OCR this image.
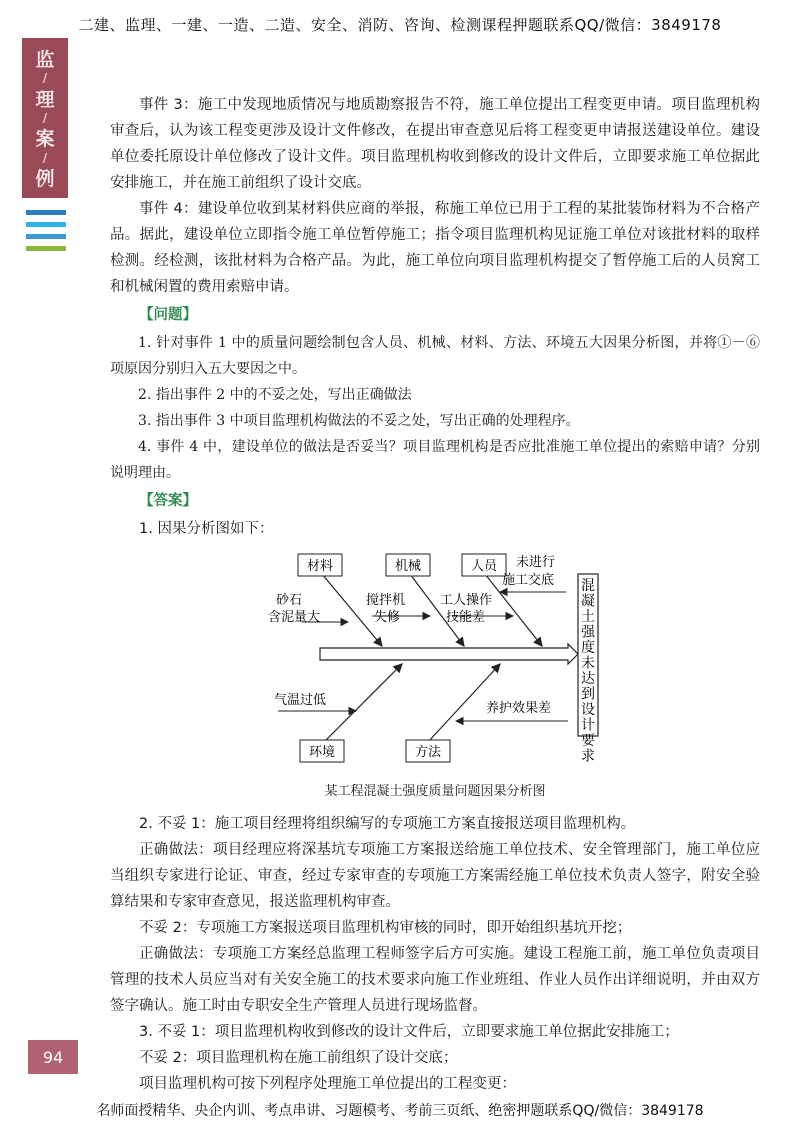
二建、监理、一建、一造、二造、安全、消防、咨询、检测课程押题联系QQ/微信：3849178
监
/
理
/
案
/
例

事件 3：施工中发现地质情况与地质勘察报告不符，施工单位提出工程变更申请。项目监理机构审查后，认为该工程变更涉及设计文件修改，在提出审查意见后将工程变更申请报送建设单位。建设单位委托原设计单位修改了设计文件。项目监理机构收到修改的设计文件后，立即要求施工单位据此安排施工，并在施工前组织了设计交底。

事件 4：建设单位收到某材料供应商的举报，称施工单位已用于工程的某批装饰材料为不合格产品。据此，建设单位立即指令施工单位暂停施工；指令项目监理机构见证施工单位对该批材料的取样检测。经检测，该批材料为合格产品。为此，施工单位向项目监理机构提交了暂停施工后的人员窝工和机械闲置的费用索赔申请。

【问题】

1. 针对事件 1 中的质量问题绘制包含人员、机械、材料、方法、环境五大因果分析图，并将①－⑥项原因分别归入五大要因之中。

2. 指出事件 2 中的不妥之处，写出正确做法

3. 指出事件 3 中项目监理机构做法的不妥之处，写出正确的处理程序。

4. 事件 4 中，建设单位的做法是否妥当？项目监理机构是否应批准施工单位提出的索赔申请？分别说明理由。

【答案】

1. 因果分析图如下：

混凝土强度未达到设计要求
材料	机械	人员
环境	方法
砂石含泥量大
搅拌机失修
工人操作技能差
未进行施工交底
气温过低
养护效果差

某工程混凝土强度质量问题因果分析图

2. 不妥 1：施工项目经理将组织编写的专项施工方案直接报送项目监理机构。

正确做法：项目经理应将深基坑专项施工方案报送给施工单位技术、安全管理部门，施工单位应当组织专家进行论证、审查，经过专家审查的专项施工方案需经施工单位技术负责人签字，附安全验算结果和专家审查意见，报送监理机构审查。

不妥 2：专项施工方案报送项目监理机构审核的同时，即开始组织基坑开挖；

正确做法：专项施工方案经总监理工程师签字后方可实施。建设工程施工前，施工单位负责项目管理的技术人员应当对有关安全施工的技术要求向施工作业班组、作业人员作出详细说明，并由双方签字确认。施工时由专职安全生产管理人员进行现场监督。

3. 不妥 1：项目监理机构收到修改的设计文件后，立即要求施工单位据此安排施工；

不妥 2：项目监理机构在施工前组织了设计交底；

项目监理机构可按下列程序处理施工单位提出的工程变更：

94
名师面授精华、央企内训、考点串讲、习题模考、考前三页纸、绝密押题联系QQ/微信：3849178
